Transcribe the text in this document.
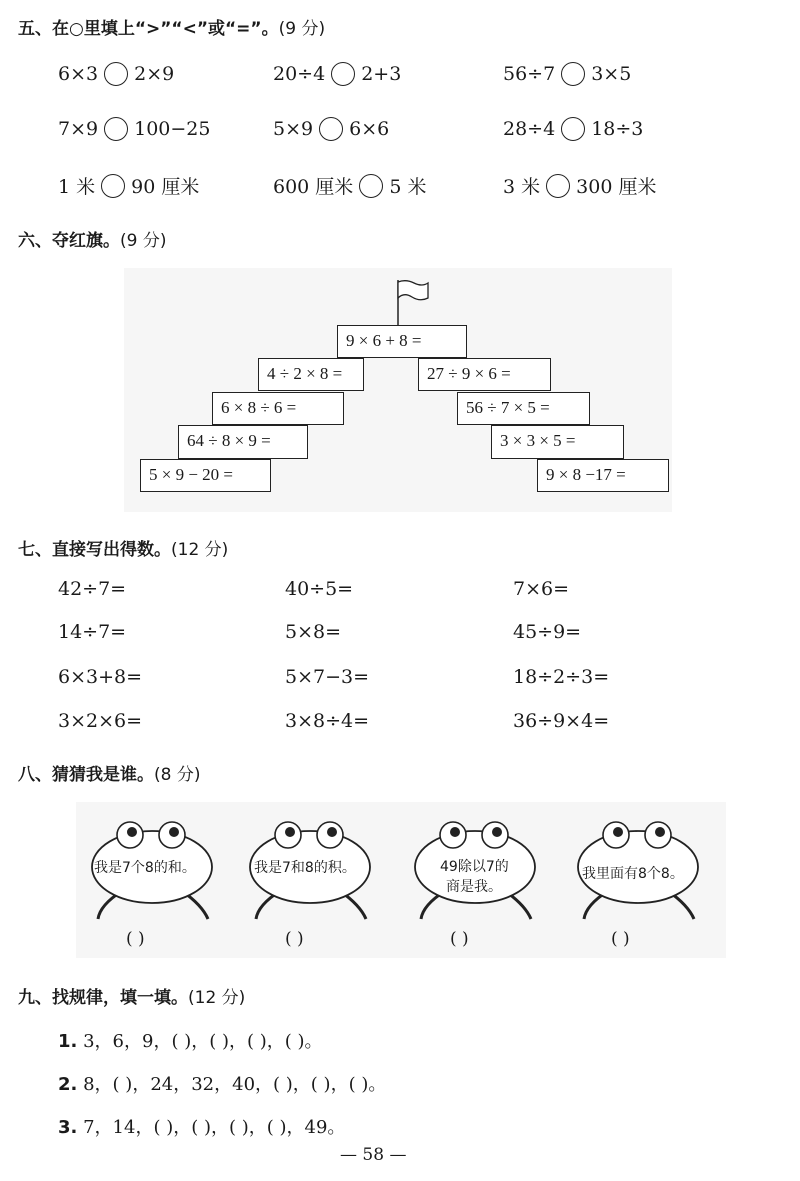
五、在○里填上“>”“<”或“=”。(9 分)
6×3 2×9	20÷4 2+3	56÷7 3×5
7×9 100−25	5×9 6×6	28÷4 18÷3
1 米 90 厘米	600 厘米 5 米	3 米 300 厘米
六、夺红旗。(9 分)
9 × 6 + 8 =
4 ÷ 2 × 8 =
6 × 8 ÷ 6 =
64 ÷ 8 × 9 =
5 × 9 − 20 =
27 ÷ 9 × 6 =
56 ÷ 7 × 5 =
3 × 3 × 5 =
9 × 8 −17 =
七、直接写出得数。(12 分)
42÷7=	40÷5=	7×6=
14÷7=	5×8=	45÷9=
6×3+8=	5×7−3=	18÷2÷3=
3×2×6=	3×8÷4=	36÷9×4=
八、猜猜我是谁。(8 分)
我是7个8的和。	我是7和8的积。	49除以7的
商是我。
我里面有8个8。
( )	( )	( )	( )
九、找规律，填一填。(12 分)
1. 3，6，9，( )，( )，( )，( )。
2. 8，( )，24，32，40，( )，( )，( )。
3. 7，14，( )，( )，( )，( )，49。
— 58 —
